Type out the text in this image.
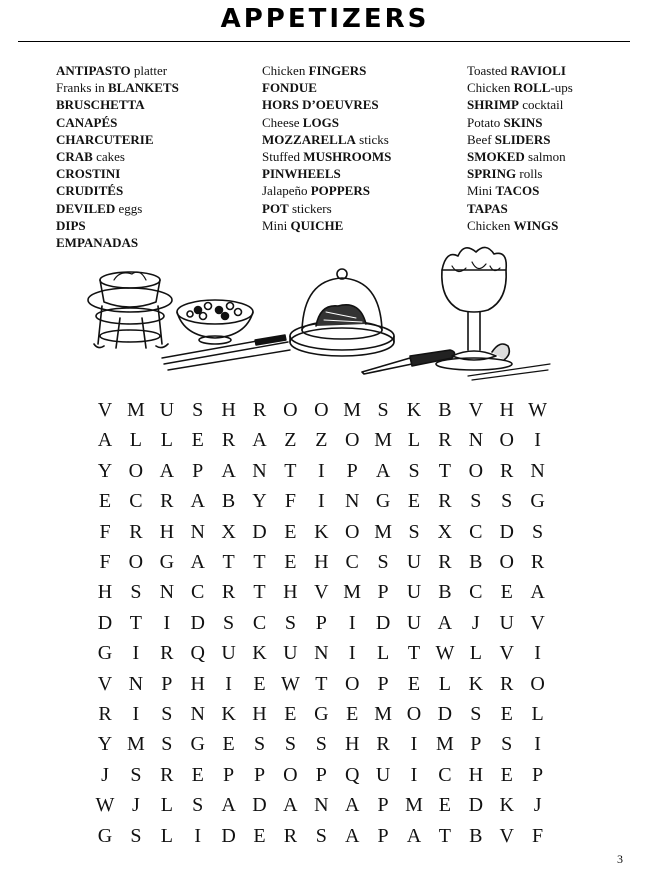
APPETIZERS
ANTIPASTO platter
Franks in BLANKETS
BRUSCHETTA
CANAPÉS
CHARCUTERIE
CRAB cakes
CROSTINI
CRUDITÉS
DEVILED eggs
DIPS
EMPANADAS
Chicken FINGERS
FONDUE
HORS D’OEUVRES
Cheese LOGS
MOZZARELLA sticks
Stuffed MUSHROOMS
PINWHEELS
Jalapeño POPPERS
POT stickers
Mini QUICHE
Toasted RAVIOLI
Chicken ROLL-ups
SHRIMP cocktail
Potato SKINS
Beef SLIDERS
SMOKED salmon
SPRING rolls
Mini TACOS
TAPAS
Chicken WINGS
V M U S H R O O M S K B V H W
A L L E R A Z Z O M L R N O	I
Y O A P A N T	I	P A S T O R N
E C R A B Y F	I	N G E R S S G
F R H N X D E K O M S X C D S
F O G A T T E H C S U R B O R
H S N C R T H V M P U B C E A
D T	I	D S C S P	I	D U A J U V
G	I	R Q U K U N	I	L T W L V	I
V N P H	I	E W T O P E L K R O
R	I	S N K H E G E M O D S E L
Y M S G E S S S H R	I M P S	I
J	S R E P P O P Q U	I	C H E P
W J	L S A D A N A P M E D K J
G S L	I	D E R S A P A T B V F
3
